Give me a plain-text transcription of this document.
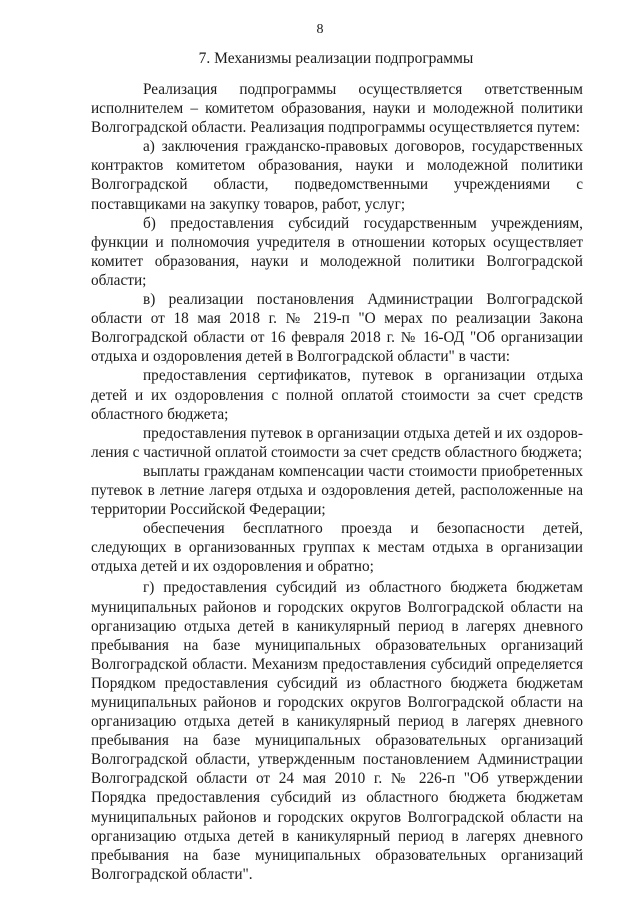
8
7. Механизмы реализации подпрограммы

Реализация подпрограммы осуществляется ответственным исполнителем – комитетом образования, науки и молодежной политики Волгоградской области. Реализация подпрограммы осуществляется путем:

а) заключения гражданско-правовых договоров, государственных контрактов комитетом образования, науки и молодежной политики Волгоградской области, подведомственными учреждениями с поставщиками на закупку товаров, работ, услуг;

б) предоставления субсидий государственным учреждениям, функции и полномочия учредителя в отношении которых осуществляет комитет образования, науки и молодежной политики Волгоградской области;

в) реализации постановления Администрации Волгоградской области от 18 мая 2018 г. № 219-п "О мерах по реализации Закона Волгоградской области от 16 февраля 2018 г. № 16-ОД "Об организации отдыха и оздоровления детей в Волгоградской области" в части:

предоставления сертификатов, путевок в организации отдыха детей и их оздоровления с полной оплатой стоимости за счет средств областного бюджета;

предоставления путевок в организации отдыха детей и их оздоровления с частичной оплатой стоимости за счет средств областного бюджета;

выплаты гражданам компенсации части стоимости приобретенных путевок в летние лагеря отдыха и оздоровления детей, расположенные на территории Российской Федерации;

обеспечения бесплатного проезда и безопасности детей, следующих в организованных группах к местам отдыха в организации отдыха детей и их оздоровления и обратно;

г) предоставления субсидий из областного бюджета бюджетам муниципальных районов и городских округов Волгоградской области на организацию отдыха детей в каникулярный период в лагерях дневного пребывания на базе муниципальных образовательных организаций Волгоградской области. Механизм предоставления субсидий определяется Порядком предоставления субсидий из областного бюджета бюджетам муниципальных районов и городских округов Волгоградской области на организацию отдыха детей в каникулярный период в лагерях дневного пребывания на базе муниципальных образовательных организаций Волгоградской области, утвержденным постановлением Администрации Волгоградской области от 24 мая 2010 г. № 226-п "Об утверждении Порядка предоставления субсидий из областного бюджета бюджетам муниципальных районов и городских округов Волгоградской области на организацию отдыха детей в каникулярный период в лагерях дневного пребывания на базе муниципальных образовательных организаций Волгоградской области".
